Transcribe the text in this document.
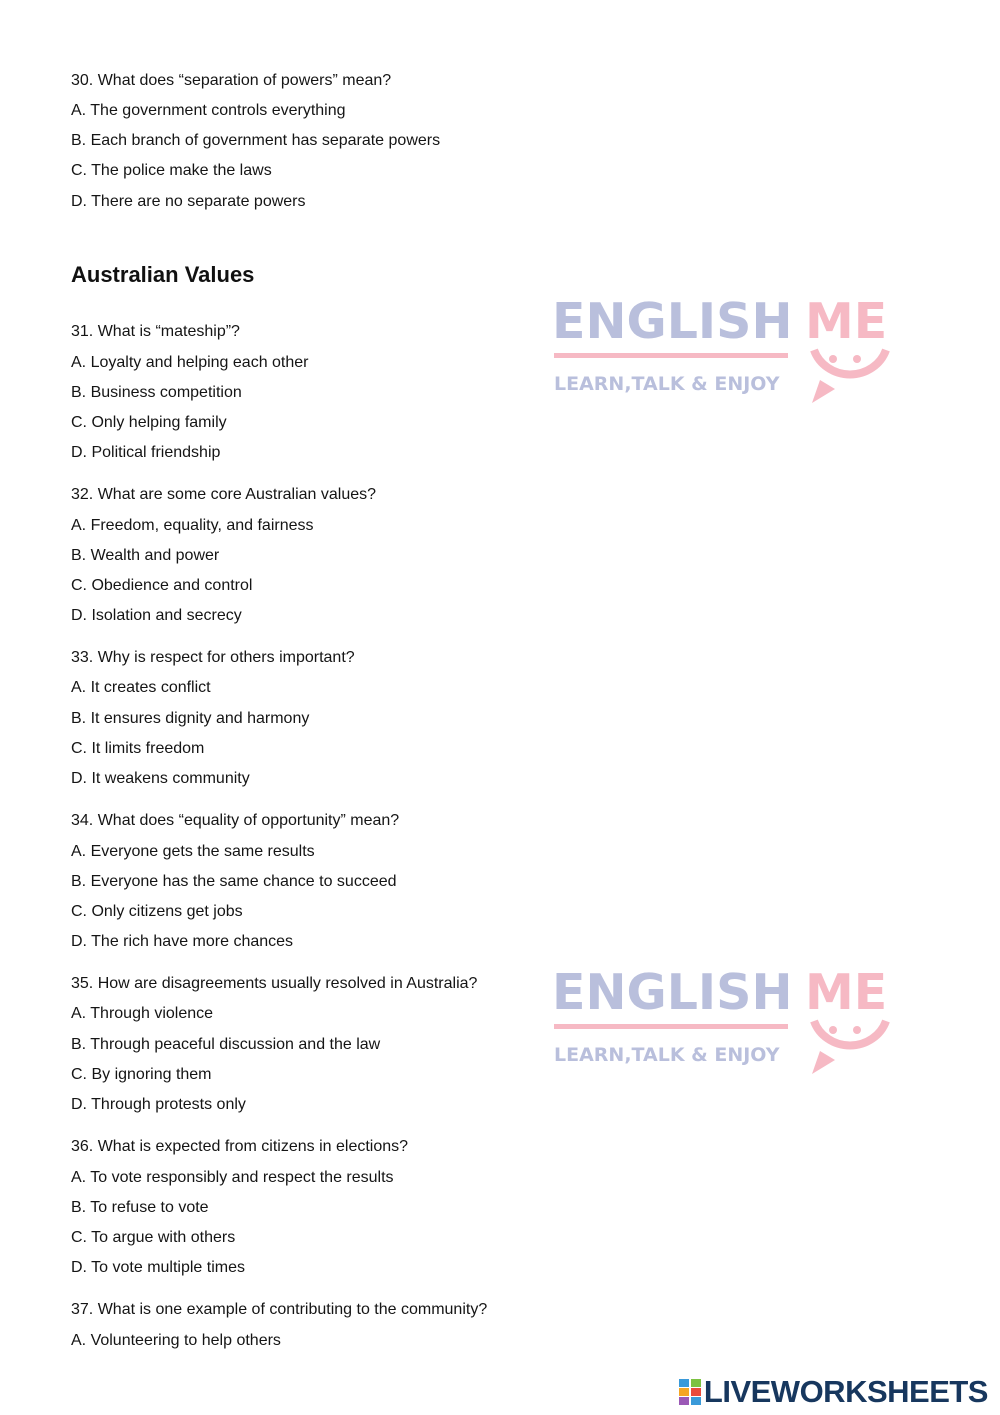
30. What does “separation of powers” mean?
A. The government controls everything
B. Each branch of government has separate powers
C. The police make the laws
D. There are no separate powers
Australian Values
31. What is “mateship”?
A. Loyalty and helping each other
B. Business competition
C. Only helping family
D. Political friendship
32. What are some core Australian values?
A. Freedom, equality, and fairness
B. Wealth and power
C. Obedience and control
D. Isolation and secrecy
33. Why is respect for others important?
A. It creates conflict
B. It ensures dignity and harmony
C. It limits freedom
D. It weakens community
34. What does “equality of opportunity” mean?
A. Everyone gets the same results
B. Everyone has the same chance to succeed
C. Only citizens get jobs
D. The rich have more chances
35. How are disagreements usually resolved in Australia?
A. Through violence
B. Through peaceful discussion and the law
C. By ignoring them
D. Through protests only
36. What is expected from citizens in elections?
A. To vote responsibly and respect the results
B. To refuse to vote
C. To argue with others
D. To vote multiple times
37. What is one example of contributing to the community?
A. Volunteering to help others
ENGLISH ME
LEARN,TALK & ENJOY
ENGLISH ME
LEARN,TALK & ENJOY
LIVEWORKSHEETS
